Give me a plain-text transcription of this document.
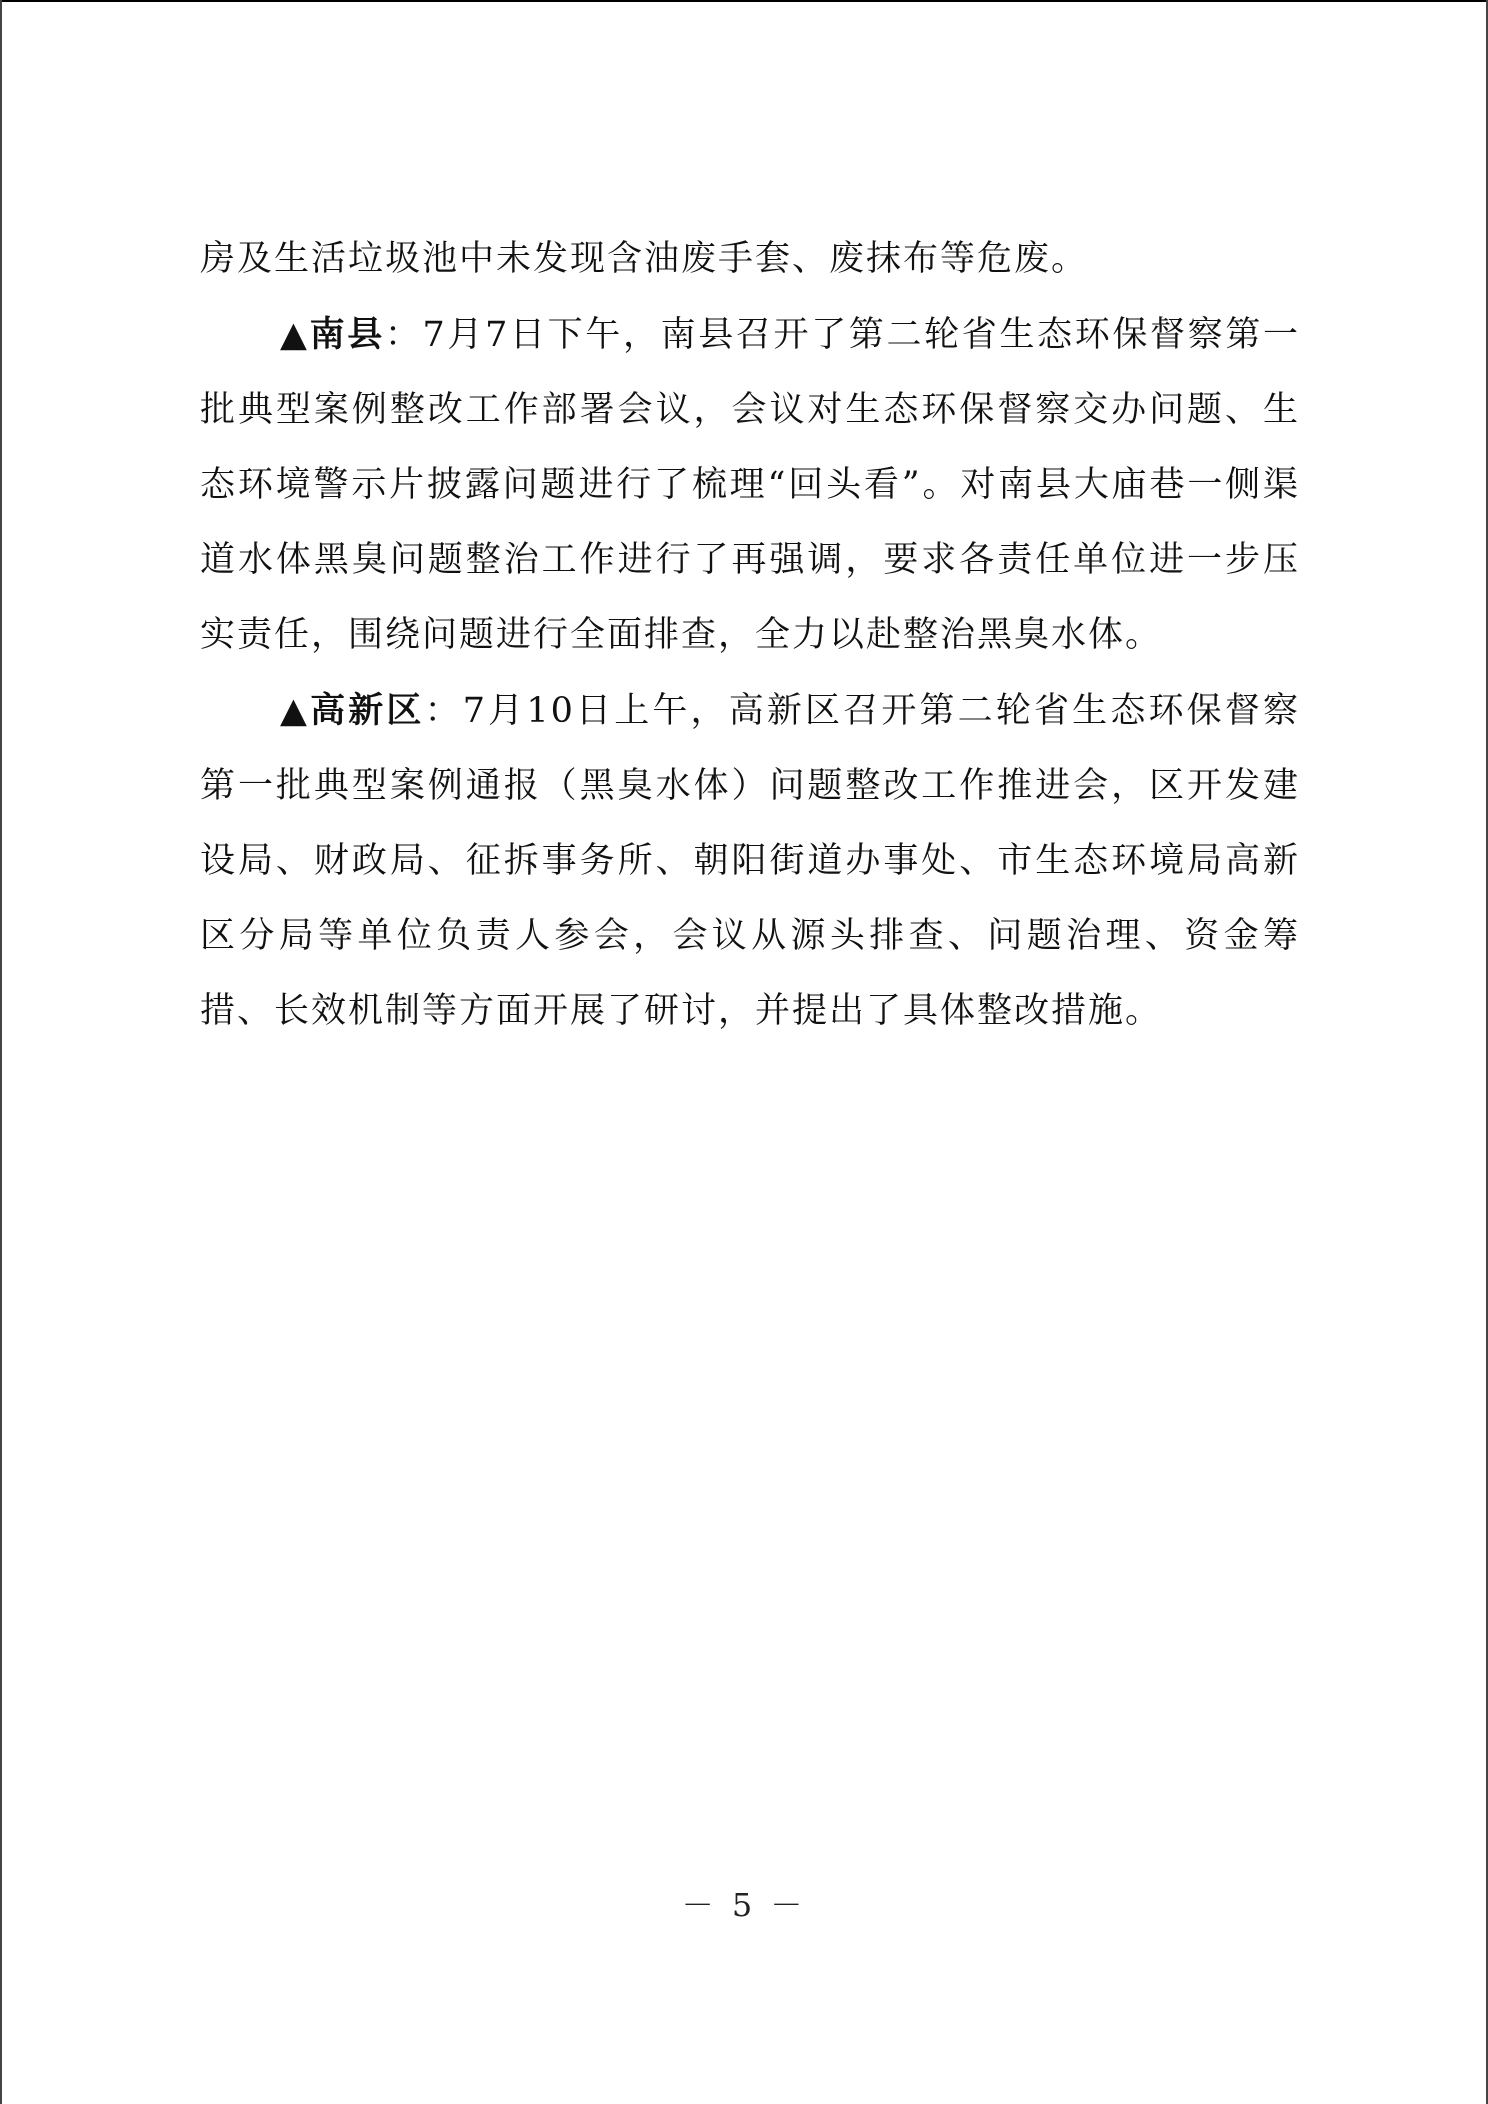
房及生活垃圾池中未发现含油废手套、废抹布等危废。

▲南县：7月7日下午，南县召开了第二轮省生态环保督察第一批典型案例整改工作部署会议，会议对生态环保督察交办问题、生态环境警示片披露问题进行了梳理“回头看”。对南县大庙巷一侧渠道水体黑臭问题整治工作进行了再强调，要求各责任单位进一步压实责任，围绕问题进行全面排查，全力以赴整治黑臭水体。

▲高新区：7月10日上午，高新区召开第二轮省生态环保督察第一批典型案例通报（黑臭水体）问题整改工作推进会，区开发建设局、财政局、征拆事务所、朝阳街道办事处、市生态环境局高新区分局等单位负责人参会，会议从源头排查、问题治理、资金筹措、长效机制等方面开展了研讨，并提出了具体整改措施。

－ 5 －
